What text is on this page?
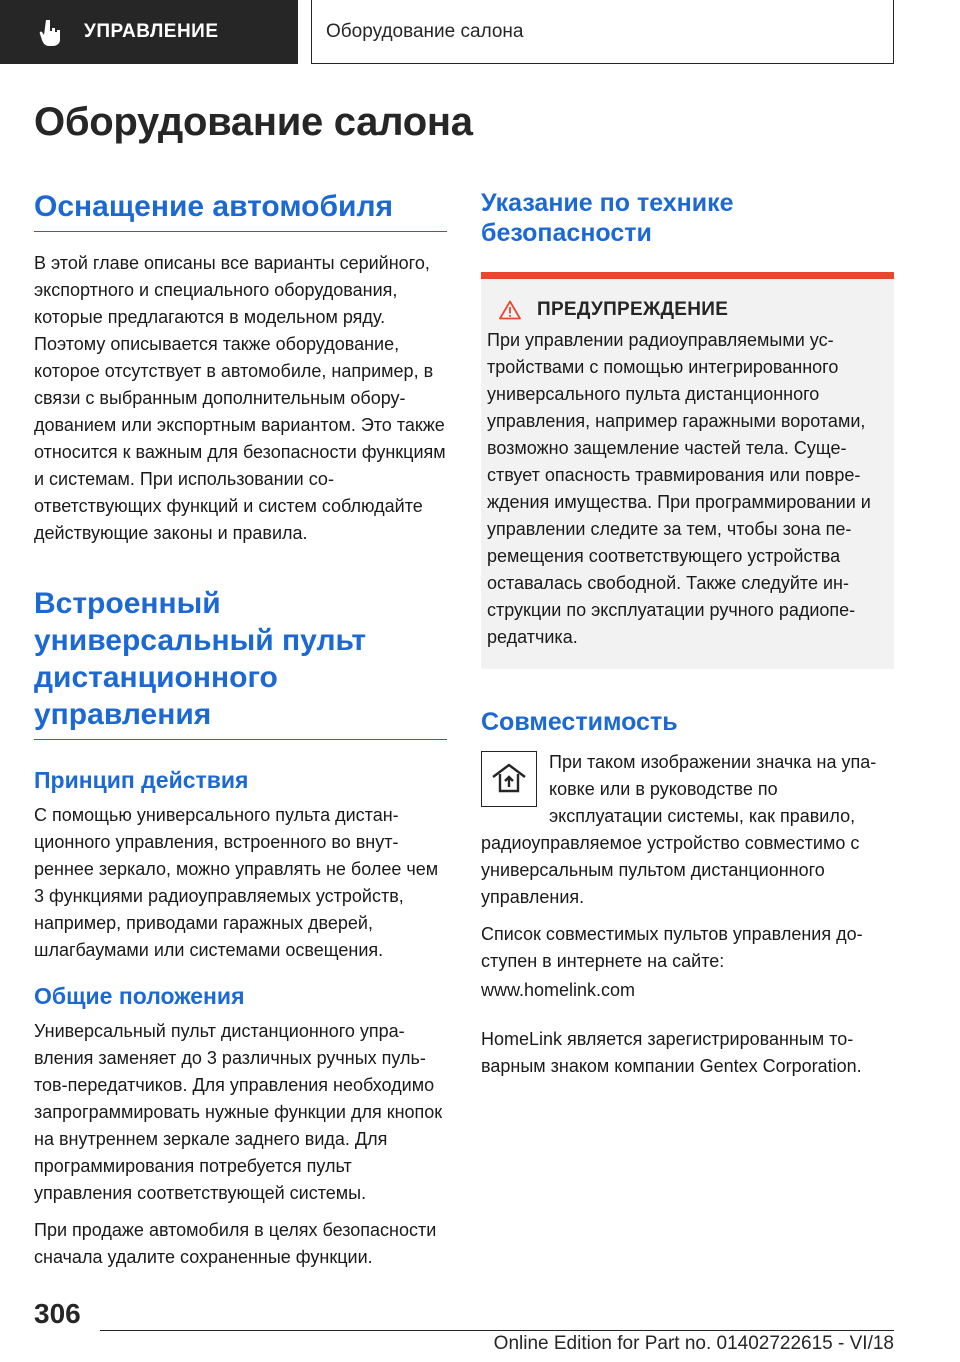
УПРАВЛЕНИЕ	Оборудование салона
Оборудование салона
Оснащение автомобиля

В этой главе описаны все варианты серийного, экспортного и специального оборудования, которые предлагаются в модельном ряду. Поэтому описывается также оборудование, которое отсутствует в автомобиле, например, в связи с выбранным дополнительным оборудованием или экспортным вариантом. Это также относится к важным для безопасности функциям и системам. При использовании соответствующих функций и систем соблюдайте действующие законы и правила.

Встроенный универсальный пульт дистанционного управления
Принцип действия

С помощью универсального пульта дистанционного управления, встроенного во внутреннее зеркало, можно управлять не более чем 3 функциями радиоуправляемых устройств, например, приводами гаражных дверей, шлагбаумами или системами освещения.

Общие положения

Универсальный пульт дистанционного управления заменяет до 3 различных ручных пультов-передатчиков. Для управления необходимо запрограммировать нужные функции для кнопок на внутреннем зеркале заднего вида. Для программирования потребуется пульт управления соответствующей системы.

При продаже автомобиля в целях безопасности сначала удалите сохраненные функции.

Указание по технике безопасности
ПРЕДУПРЕЖДЕНИЕ

При управлении радиоуправляемыми устройствами с помощью интегрированного универсального пульта дистанционного управления, например гаражными воротами, возможно защемление частей тела. Существует опасность травмирования или повреждения имущества. При программировании и управлении следите за тем, чтобы зона перемещения соответствующего устройства оставалась свободной. Также следуйте инструкции по эксплуатации ручного радиопередатчика.

Совместимость

При таком изображении значка на упаковке или в руководстве по эксплуатации системы, как правило, радиоуправляемое устройство совместимо с универсальным пультом дистанционного управления.

Список совместимых пультов управления доступен в интернете на сайте:

www.homelink.com

HomeLink является зарегистрированным товарным знаком компании Gentex Corporation.

306
Online Edition for Part no. 01402722615 - VI/18
